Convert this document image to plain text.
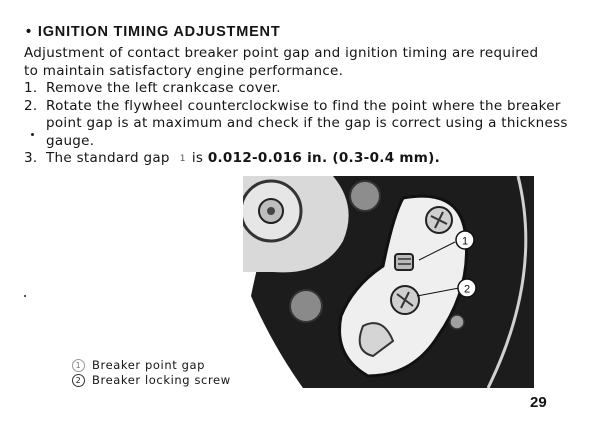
• IGNITION TIMING ADJUSTMENT

Adjustment of contact breaker point gap and ignition timing are required

to maintain satisfactory engine performance.

1. Remove the left crankcase cover.
2. Rotate the flywheel counterclockwise to find the point where the breaker
point gap is at maximum and check if the gap is correct using a thickness
gauge.
3. The standard gap 1 is 0.012-0.016 in. (0.3-0.4 mm).
1
2
1 Breaker point gap
2 Breaker locking screw
29
